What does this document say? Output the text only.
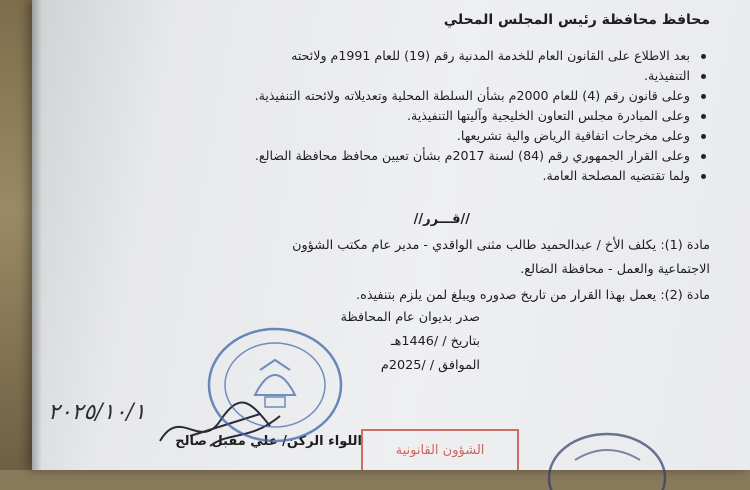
محافظ محافظة رئيس المجلس المحلي
بعد الاطلاع على القانون العام للخدمة المدنية رقم (19) للعام 1991م ولائحته
التنفيذية.
وعلى قانون رقم (4) للعام 2000م بشأن السلطة المحلية وتعديلاته ولائحته التنفيذية.
وعلى المبادرة مجلس التعاون الخليجية وآليتها التنفيذية.
وعلى مخرجات اتفاقية الرياض والية تشريعها.
وعلى القرار الجمهوري رقم (84) لسنة 2017م بشأن تعيين محافظ محافظة الضالع.
ولما تقتضيه المصلحة العامة.
//قـــرر//
مادة (1): يكلف الأخ / عبدالحميد طالب مثنى الواقدي - مدير عام مكتب الشؤون
الاجتماعية والعمل - محافظة الضالع.
مادة (2): يعمل بهذا القرار من تاريخ صدوره ويبلغ لمن يلزم بتنفيذه.
صدر بديوان عام المحافظة
بتاريخ / /1446هـ
الموافق / /2025م
اللواء الركن/ علي مقبل صالح
٢٠٢٥/١٠/١
الشؤون القانونية
